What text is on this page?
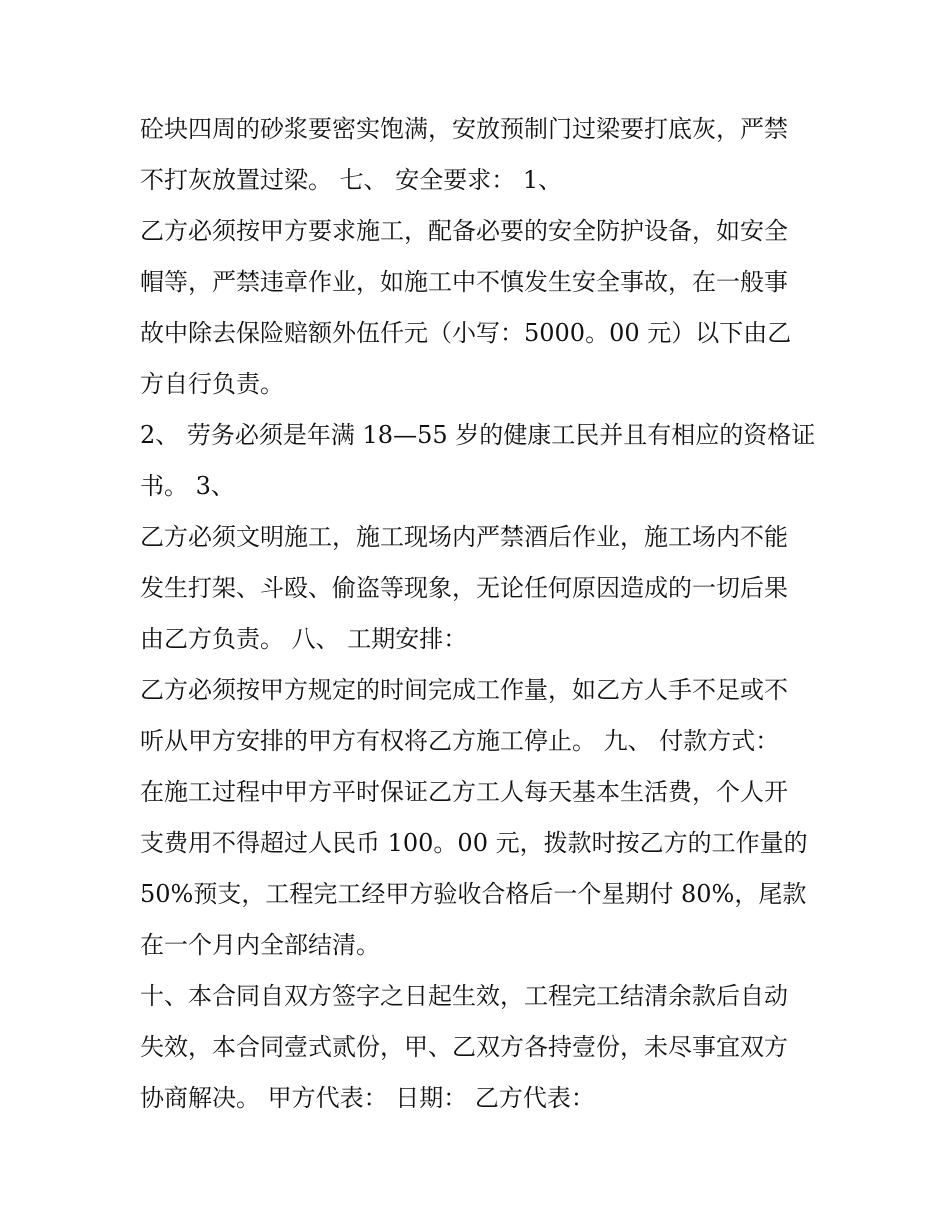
砼块四周的砂浆要密实饱满，安放预制门过梁要打底灰，严禁
不打灰放置过梁。 七、 安全要求： 1、
乙方必须按甲方要求施工，配备必要的安全防护设备，如安全
帽等，严禁违章作业，如施工中不慎发生安全事故，在一般事
故中除去保险赔额外伍仟元（小写：5000。00 元）以下由乙
方自行负责。
2、 劳务必须是年满 18—55 岁的健康工民并且有相应的资格证
书。 3、
乙方必须文明施工，施工现场内严禁酒后作业，施工场内不能
发生打架、斗殴、偷盗等现象，无论任何原因造成的一切后果
由乙方负责。 八、 工期安排：
乙方必须按甲方规定的时间完成工作量，如乙方人手不足或不
听从甲方安排的甲方有权将乙方施工停止。 九、 付款方式：
在施工过程中甲方平时保证乙方工人每天基本生活费，个人开
支费用不得超过人民币 100。00 元，拨款时按乙方的工作量的
50%预支，工程完工经甲方验收合格后一个星期付 80%，尾款
在一个月内全部结清。
十、本合同自双方签字之日起生效，工程完工结清余款后自动
失效，本合同壹式贰份，甲、乙双方各持壹份，未尽事宜双方
协商解决。 甲方代表： 日期： 乙方代表：
